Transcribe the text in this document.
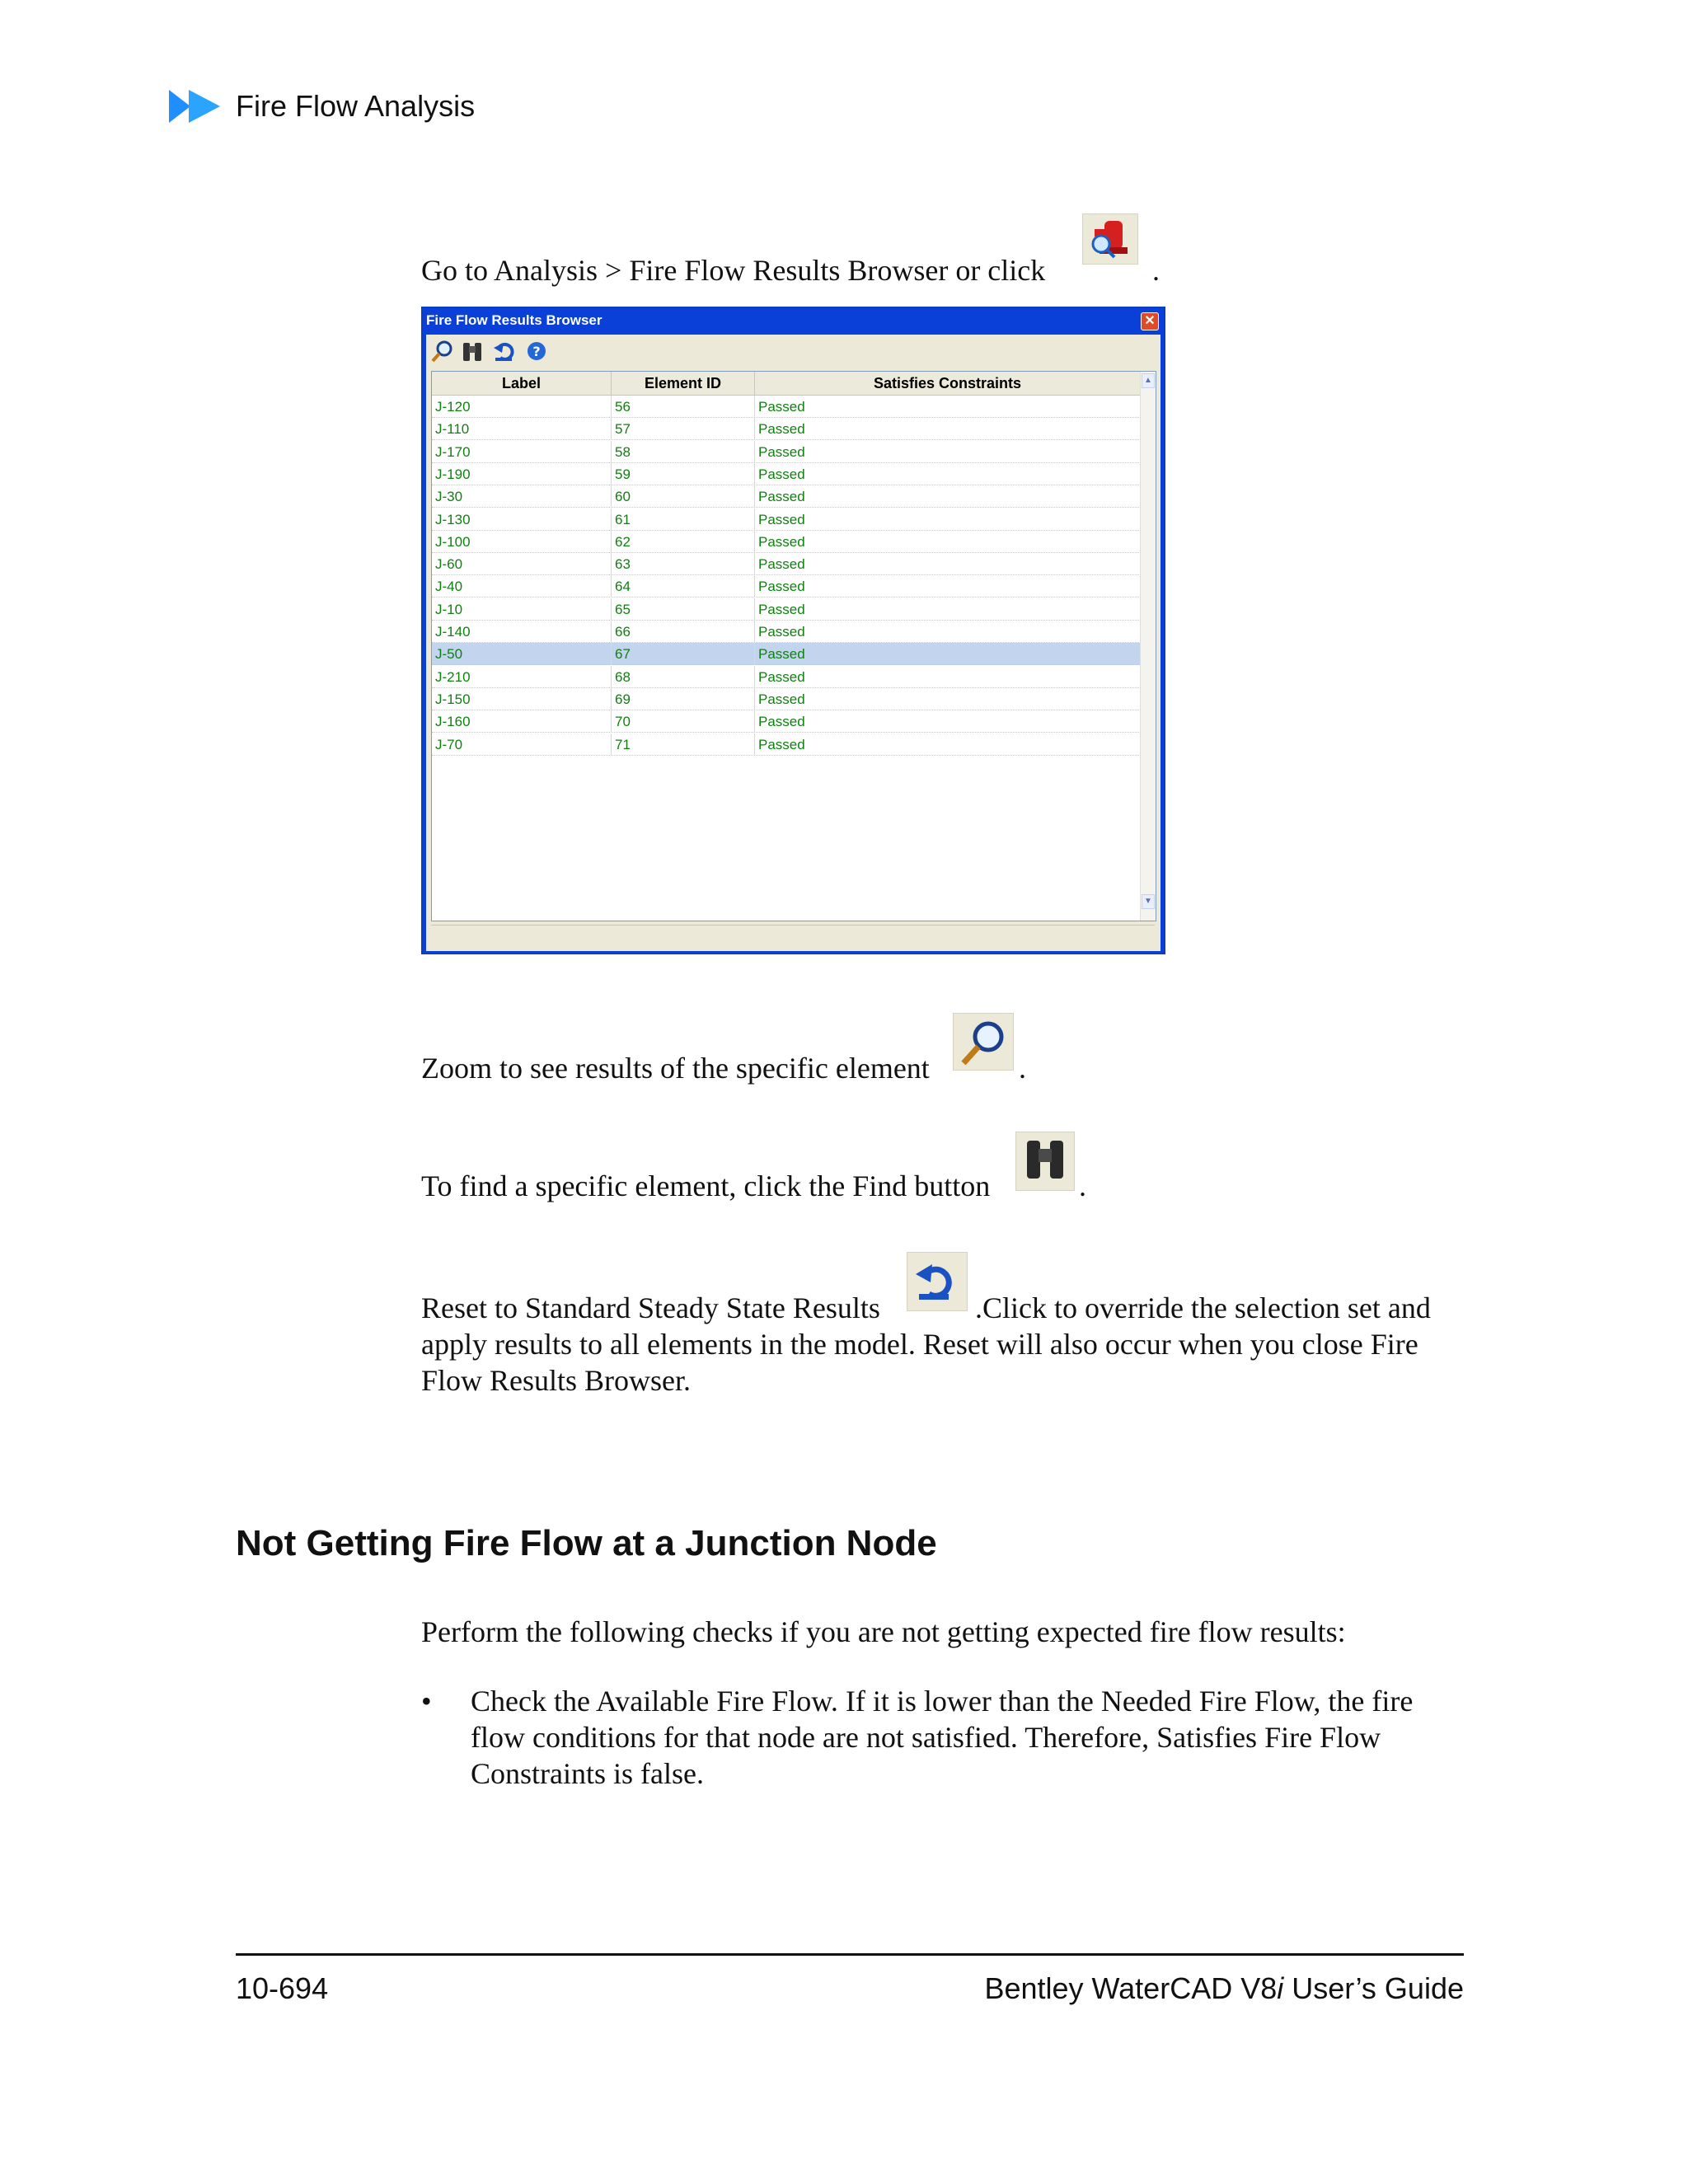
Fire Flow Analysis
Go to Analysis > Fire Flow Results Browser or click	.
Fire Flow Results Browser	✕
?
Label	Element ID	Satisfies Constraints
J-120	56	Passed
J-110	57	Passed
J-170	58	Passed
J-190	59	Passed
J-30	60	Passed
J-130	61	Passed
J-100	62	Passed
J-60	63	Passed
J-40	64	Passed
J-10	65	Passed
J-140	66	Passed
J-50	67	Passed
J-210	68	Passed
J-150	69	Passed
J-160	70	Passed
J-70	71	Passed
▲
▼
Zoom to see results of the specific element	.
To find a specific element, click the Find button	.
Reset to Standard Steady State Results	.Click to override the selection set and
apply results to all elements in the model. Reset will also occur when you close Fire
Flow Results Browser.
Not Getting Fire Flow at a Junction Node
Perform the following checks if you are not getting expected fire flow results:
• Check the Available Fire Flow. If it is lower than the Needed Fire Flow, the fire
flow conditions for that node are not satisfied. Therefore, Satisfies Fire Flow
Constraints is false.
10-694	Bentley WaterCAD V8i User’s Guide
